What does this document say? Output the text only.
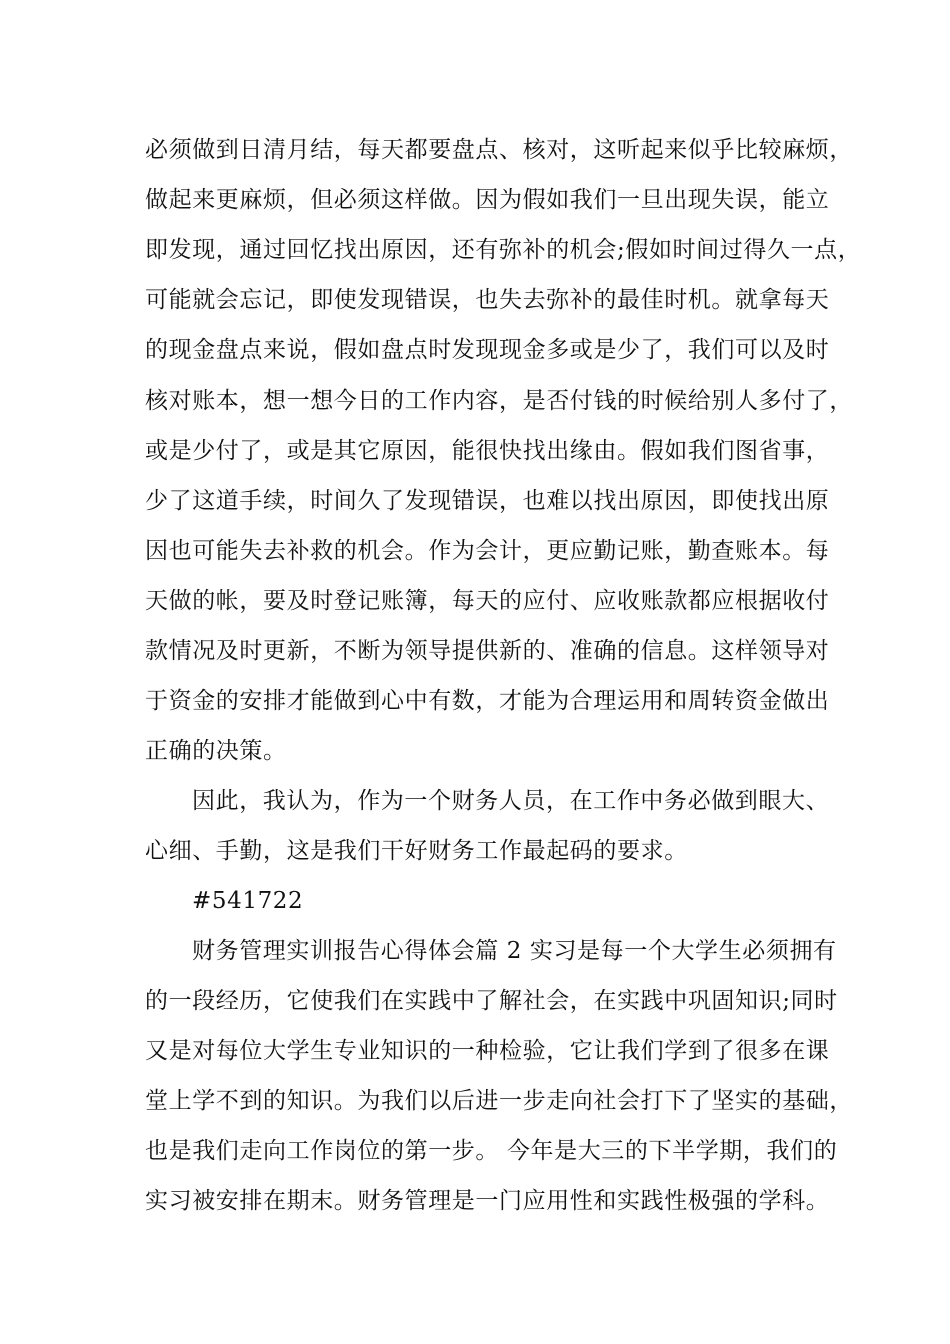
必须做到日清月结，每天都要盘点、核对，这听起来似乎比较麻烦，
做起来更麻烦，但必须这样做。因为假如我们一旦出现失误，能立
即发现，通过回忆找出原因，还有弥补的机会;假如时间过得久一点，
可能就会忘记，即使发现错误，也失去弥补的最佳时机。就拿每天
的现金盘点来说，假如盘点时发现现金多或是少了，我们可以及时
核对账本，想一想今日的工作内容，是否付钱的时候给别人多付了，
或是少付了，或是其它原因，能很快找出缘由。假如我们图省事，
少了这道手续，时间久了发现错误，也难以找出原因，即使找出原
因也可能失去补救的机会。作为会计，更应勤记账，勤查账本。每
天做的帐，要及时登记账簿，每天的应付、应收账款都应根据收付
款情况及时更新，不断为领导提供新的、准确的信息。这样领导对
于资金的安排才能做到心中有数，才能为合理运用和周转资金做出
正确的决策。
因此，我认为，作为一个财务人员，在工作中务必做到眼大、
心细、手勤，这是我们干好财务工作最起码的要求。
#541722
财务管理实训报告心得体会篇 2 实习是每一个大学生必须拥有
的一段经历，它使我们在实践中了解社会，在实践中巩固知识;同时
又是对每位大学生专业知识的一种检验，它让我们学到了很多在课
堂上学不到的知识。为我们以后进一步走向社会打下了坚实的基础，
也是我们走向工作岗位的第一步。 今年是大三的下半学期，我们的
实习被安排在期末。财务管理是一门应用性和实践性极强的学科。
